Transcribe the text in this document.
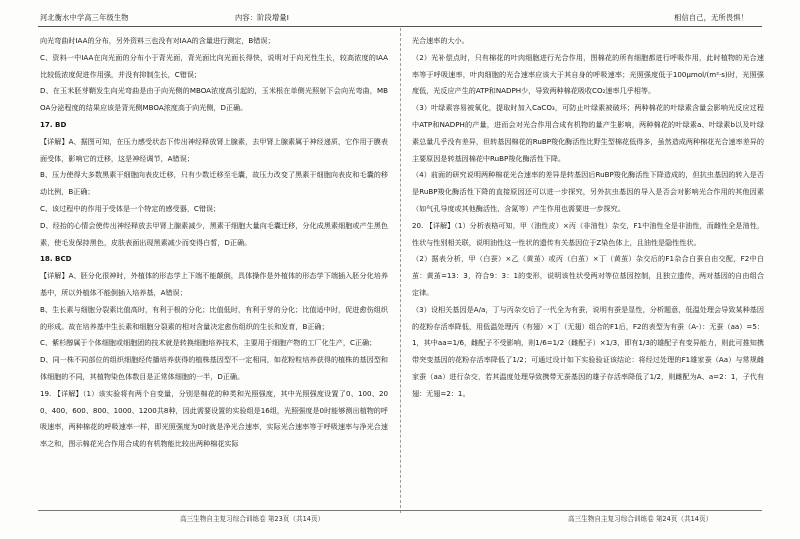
河北衡水中学高三年级生物	内容：阶段增量Ⅰ	相信自己，无所畏惧！

向光弯曲时IAA的分布，另外资料三也没有对IAA的含量进行测定，B错误；

C、资料一中IAA在向光面的分布小于背光面，背光面比向光面长得快，说明对于向光性生长，较高浓度的IAA比较低浓度促进作用强，并没有抑制生长，C错误；

D、在玉米胚芽鞘发生向光弯曲是由于向光侧的MBOA浓度高引起的，玉米根在单侧光照射下会向光弯曲，MBOA分泌程度的结果应该是背光侧MBOA浓度高于向光侧，D正确。

17. BD

【详解】A、据图可知，在压力感受状态下传出神经释放肾上腺素，去甲肾上腺素属于神经递质，它作用于膜表面受体，影响它的迁移，这是神经调节，A错误；

B、压力使得大多数黑素干细胞向表皮迁移，只有少数迁移至毛囊，故压力改变了黑素干细胞向表皮和毛囊的移动比例，B正确；

C、该过程中的作用于受体是一个特定的感受器，C错误；

D、经抬的心情会使传出神经释放去甲肾上腺素减少，黑素干细胞大量向毛囊迁移，分化成黑素细胞或产生黑色素，使毛发保持黑色，皮肤表面出现黑素减少而变得白皙，D正确。

18. BCD

【详解】A、胚分化很神时，外植体的形态学上下端不能颠倒，具体操作是外植体的形态学下端插入胚分化培养基中，所以外植体不能倒插入培养基，A错误；

B、生长素与细胞分裂素比值高时，有利于根的分化；比值低时，有利于芽的分化；比值适中时，促进愈伤组织的形成。故在培养基中生长素和细胞分裂素的相对含量决定愈伤组织的生长和发育，B正确；

C、紫杉醇属于个体细胞或细胞团的技术就是转换细胞培养技术，主要用于细胞产物的工厂化生产，C正确；

D、同一株不同部位的组织细胞经传播培养获得的植株基因型不一定相同，如花粉粒培养获得的植株的基因型和体细胞的不同，其植物染色体数目是正常体细胞的一半，D正确。

19. 【详解】（1）该实验将有两个自变量，分别是棉花的种类和光照强度，其中光照强度设置了0、100、200、400、600、800、1000、1200共8种，因此需要设置的实验组是16组，光照强度是0时能够测出植物的呼吸速率，两种棉花的呼吸速率一样，即光照强度为0时就是净光合速率，实际光合速率等于呼吸速率与净光合速率之和，图示棉花光合作用合成的有机物能比较出两种棉花实际

光合速率的大小。

（2）光补偿点时，只有棉花的叶肉细胞进行光合作用，图棉花的所有细胞都进行呼吸作用，此时植物的光合速率等于呼吸速率，叶肉细胞的光合速率应该大于其自身的呼吸速率；光照强度低于100μmol/(m²·s)时，光照强度低，光反应产生的ATP和NADPH少，导致两种棉花吸收CO₂速率几乎相等。

（3）叶绿素容易被氧化，提取时加入CaCO₃，可防止叶绿素被破坏；两种棉花的叶绿素含量会影响光反应过程中ATP和NADPH的产量，进而会对光合作用合成有机物的量产生影响，两种棉花的叶绿素a、叶绿素b以及叶绿素总量几乎没有差异，但转基因棉花的RuBP羧化酶活性比野生型棉花低得多，虽然造成两种棉花光合速率差异的主要原因是转基因棉花中RuBP羧化酶活性下降。

（4）前面的研究说明两种棉花光合速率的差异是转基因后RuBP羧化酶活性下降造成的，但抗虫基因的转入是否是RuBP羧化酶活性下降的直接原因还可以进一步探究，另外抗虫基因的导入是否会对影响光合作用的其他因素（如气孔导度或其他酶活性、含氮等）产生作用也需要进一步探究。

20. 【详解】（1）分析表格可知，甲（油性皮）×丙（非油性）杂交，F1中油性全是非油性，而雌性全是油性，性状与性别相关联，说明油性这一性状的遗传有关基因位于Z染色体上，且油性是隐性性状。

（2）据表分析，甲（白蚕）×乙（黄茧）或丙（白茧）×丁（黄茧）杂交后的F1杂合白蚕自由交配，F2中白茧：黄茧=13：3，符合9：3：1的变形，说明该性状受两对等位基因控制，且独立遗传，两对基因的自由组合定律。

（3）设相关基因是A/a，丁与丙杂交后了一代全为有蚕，说明有蚕是显性，分析题意，低温处理会导致某种基因的花粉存活率降低，用低温处理丙（有翅）×丁（无翅）组合的F1后，F2的表型为有蚕（A-）：无蚕（aa）=5：1，其中aa=1/6，雌配子不受影响，则1/6=1/2（雌配子）×1/3，即有1/3的雄配子有变异能力，则此可推知携带突变基因的花粉存活率降低了1/2；可通过设计如下实验验证该结论：将经过处理的F1雄家蚕（Aa）与常规雌家蚕（aa）进行杂交，若其温度处理导致携带无蚕基因的雄子存活率降低了1/2，则雌配为A、a=2：1，子代有翅：无翅=2：1。

高三生物自主复习综合训练卷 第23页（共14页）	高三生物自主复习综合训练卷 第24页（共14页）
